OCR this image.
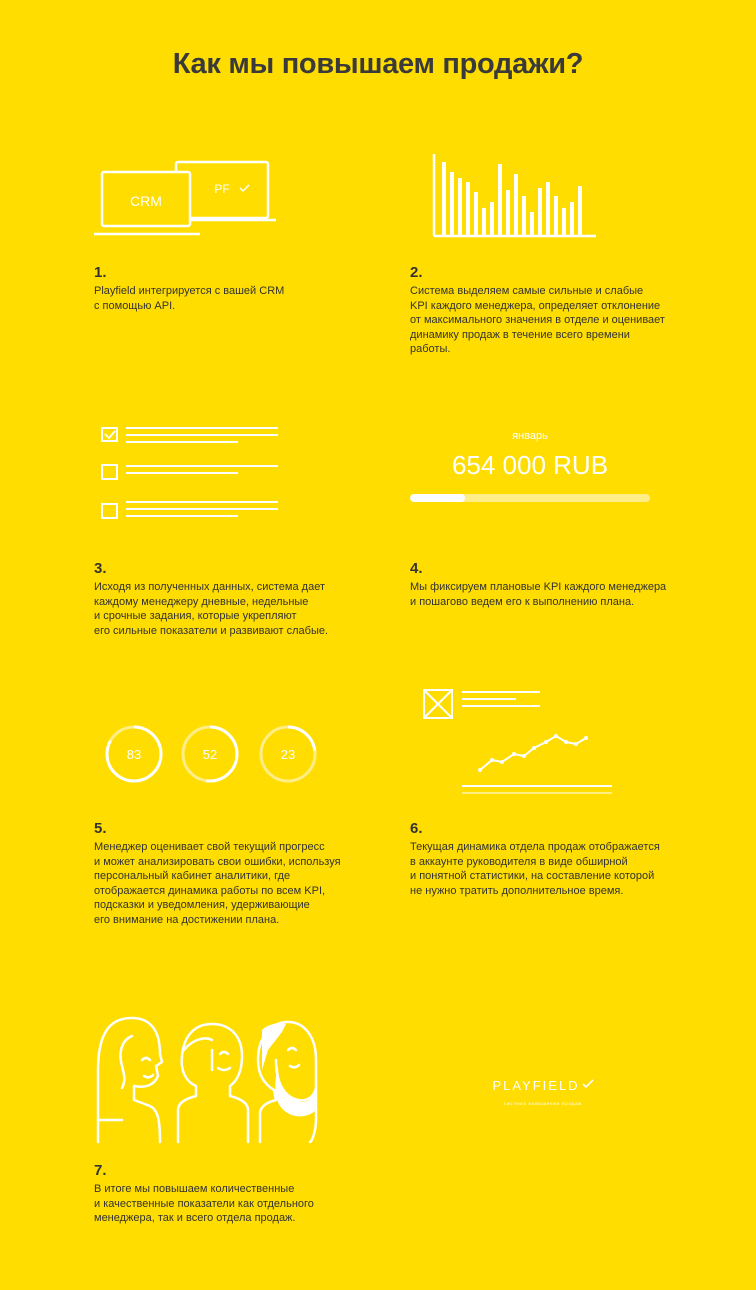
Как мы повышаем продажи?
CRM
PF
1.
Playfield интегрируется с вашей CRM
с помощью API.
2.
Система выделяем самые сильные и слабые
KPI каждого менеджера, определяет отклонение
от максимального значения в отделе и оценивает
динамику продаж в течение всего времени
работы.
январь
654 000 RUB
3.
Исходя из полученных данных, система дает
каждому менеджеру дневные, недельные
и срочные задания, которые укрепляют
его сильные показатели и развивают слабые.
4.
Мы фиксируем плановые KPI каждого менеджера
и пошагово ведем его к выполнению плана.
83	52	23
5.
Менеджер оценивает свой текущий прогресс
и может анализировать свои ошибки, используя
персональный кабинет аналитики, где
отображается динамика работы по всем KPI,
подсказки и уведомления, удерживающие
его внимание на достижении плана.
6.
Текущая динамика отдела продаж отображается
в аккаунте руководителя в виде обширной
и понятной статистики, на составление которой
не нужно тратить дополнительное время.
PLAYFIELD
система повышения продаж
7.
В итоге мы повышаем количественные
и качественные показатели как отдельного
менеджера, так и всего отдела продаж.
